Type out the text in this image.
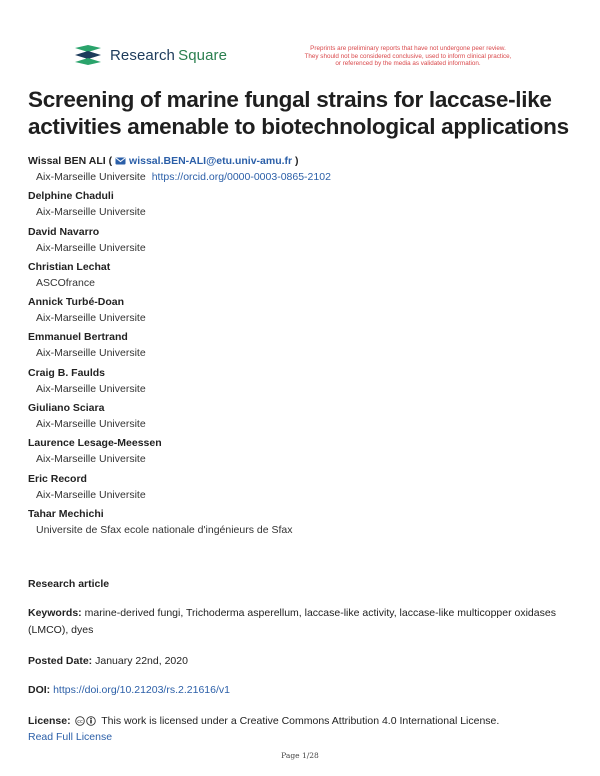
Research  Square	Preprints are preliminary reports that have not undergone peer review.
They should not be considered conclusive, used to inform clinical practice,
or referenced by the media as validated information.
Screening of marine fungal strains for laccase-like activities amenable to biotechnological applications
Wissal BEN ALI ( wissal.BEN-ALI@etu.univ-amu.fr )
Aix-Marseille Universite https://orcid.org/0000-0003-0865-2102
Delphine Chaduli
Aix-Marseille Universite
David Navarro
Aix-Marseille Universite
Christian Lechat
ASCOfrance
Annick Turbé-Doan
Aix-Marseille Universite
Emmanuel Bertrand
Aix-Marseille Universite
Craig B. Faulds
Aix-Marseille Universite
Giuliano Sciara
Aix-Marseille Universite
Laurence Lesage-Meessen
Aix-Marseille Universite
Eric Record
Aix-Marseille Universite
Tahar Mechichi
Universite de Sfax ecole nationale d'ingénieurs de Sfax
Research article
Keywords: marine-derived fungi, Trichoderma asperellum, laccase-like activity, laccase-like multicopper oxidases (LMCO), dyes
Posted Date: January 22nd, 2020
DOI: https://doi.org/10.21203/rs.2.21616/v1
License: cc This work is licensed under a Creative Commons Attribution 4.0 International License.
Read Full License
Page 1/28
